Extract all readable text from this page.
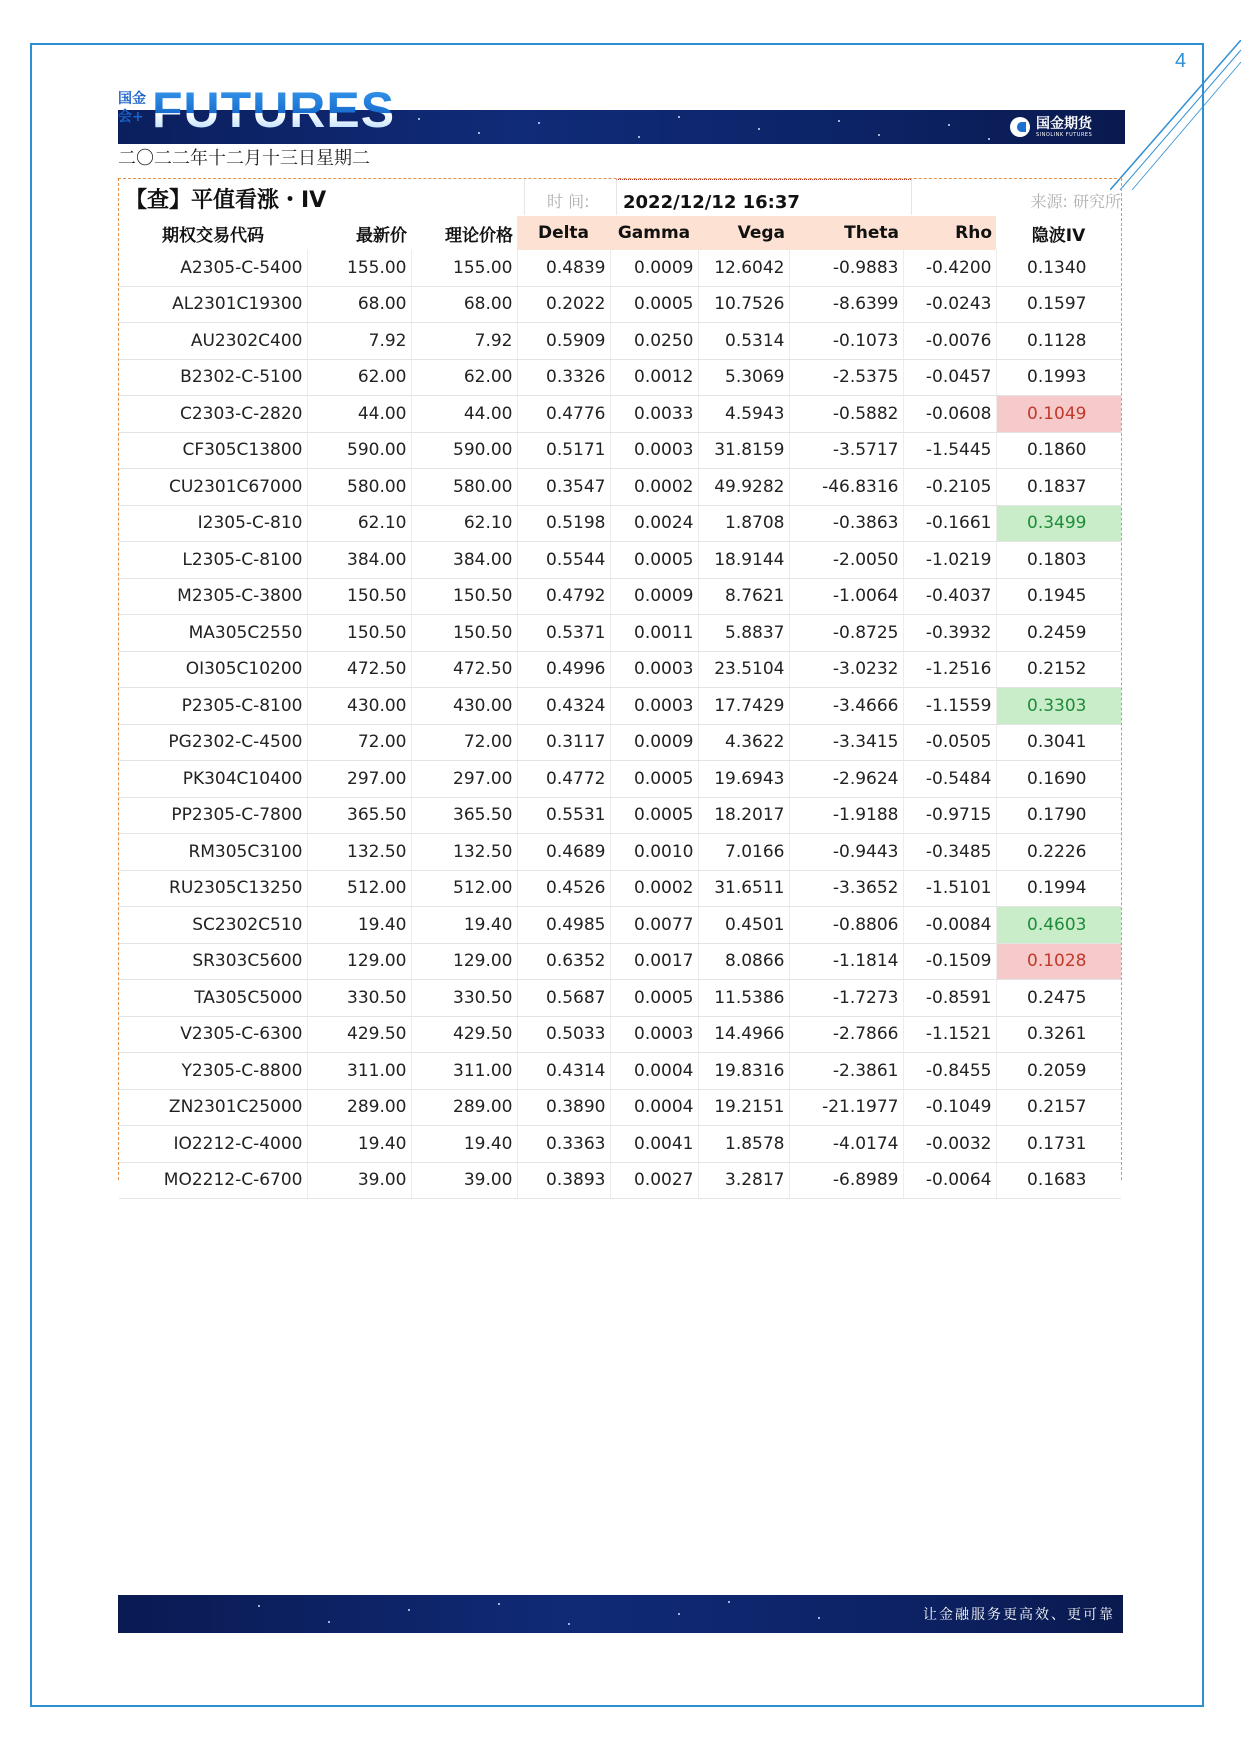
4
国金
会+ FUTURES	国金期货
SINOLINK FUTURES
二〇二二年十二月十三日星期二
【查】平值看涨・IV	时 间:	2022/12/12 16:37	来源: 研究所
期权交易代码	最新价	理论价格	Delta	Gamma	Vega	Theta	Rho	隐波IV
A2305-C-5400	155.00	155.00	0.4839	0.0009	12.6042	-0.9883	-0.4200	0.1340
AL2301C19300	68.00	68.00	0.2022	0.0005	10.7526	-8.6399	-0.0243	0.1597
AU2302C400	7.92	7.92	0.5909	0.0250	0.5314	-0.1073	-0.0076	0.1128
B2302-C-5100	62.00	62.00	0.3326	0.0012	5.3069	-2.5375	-0.0457	0.1993
C2303-C-2820	44.00	44.00	0.4776	0.0033	4.5943	-0.5882	-0.0608	0.1049
CF305C13800	590.00	590.00	0.5171	0.0003	31.8159	-3.5717	-1.5445	0.1860
CU2301C67000	580.00	580.00	0.3547	0.0002	49.9282	-46.8316	-0.2105	0.1837
I2305-C-810	62.10	62.10	0.5198	0.0024	1.8708	-0.3863	-0.1661	0.3499
L2305-C-8100	384.00	384.00	0.5544	0.0005	18.9144	-2.0050	-1.0219	0.1803
M2305-C-3800	150.50	150.50	0.4792	0.0009	8.7621	-1.0064	-0.4037	0.1945
MA305C2550	150.50	150.50	0.5371	0.0011	5.8837	-0.8725	-0.3932	0.2459
OI305C10200	472.50	472.50	0.4996	0.0003	23.5104	-3.0232	-1.2516	0.2152
P2305-C-8100	430.00	430.00	0.4324	0.0003	17.7429	-3.4666	-1.1559	0.3303
PG2302-C-4500	72.00	72.00	0.3117	0.0009	4.3622	-3.3415	-0.0505	0.3041
PK304C10400	297.00	297.00	0.4772	0.0005	19.6943	-2.9624	-0.5484	0.1690
PP2305-C-7800	365.50	365.50	0.5531	0.0005	18.2017	-1.9188	-0.9715	0.1790
RM305C3100	132.50	132.50	0.4689	0.0010	7.0166	-0.9443	-0.3485	0.2226
RU2305C13250	512.00	512.00	0.4526	0.0002	31.6511	-3.3652	-1.5101	0.1994
SC2302C510	19.40	19.40	0.4985	0.0077	0.4501	-0.8806	-0.0084	0.4603
SR303C5600	129.00	129.00	0.6352	0.0017	8.0866	-1.1814	-0.1509	0.1028
TA305C5000	330.50	330.50	0.5687	0.0005	11.5386	-1.7273	-0.8591	0.2475
V2305-C-6300	429.50	429.50	0.5033	0.0003	14.4966	-2.7866	-1.1521	0.3261
Y2305-C-8800	311.00	311.00	0.4314	0.0004	19.8316	-2.3861	-0.8455	0.2059
ZN2301C25000	289.00	289.00	0.3890	0.0004	19.2151	-21.1977	-0.1049	0.2157
IO2212-C-4000	19.40	19.40	0.3363	0.0041	1.8578	-4.0174	-0.0032	0.1731
MO2212-C-6700	39.00	39.00	0.3893	0.0027	3.2817	-6.8989	-0.0064	0.1683
让金融服务更高效、更可靠
